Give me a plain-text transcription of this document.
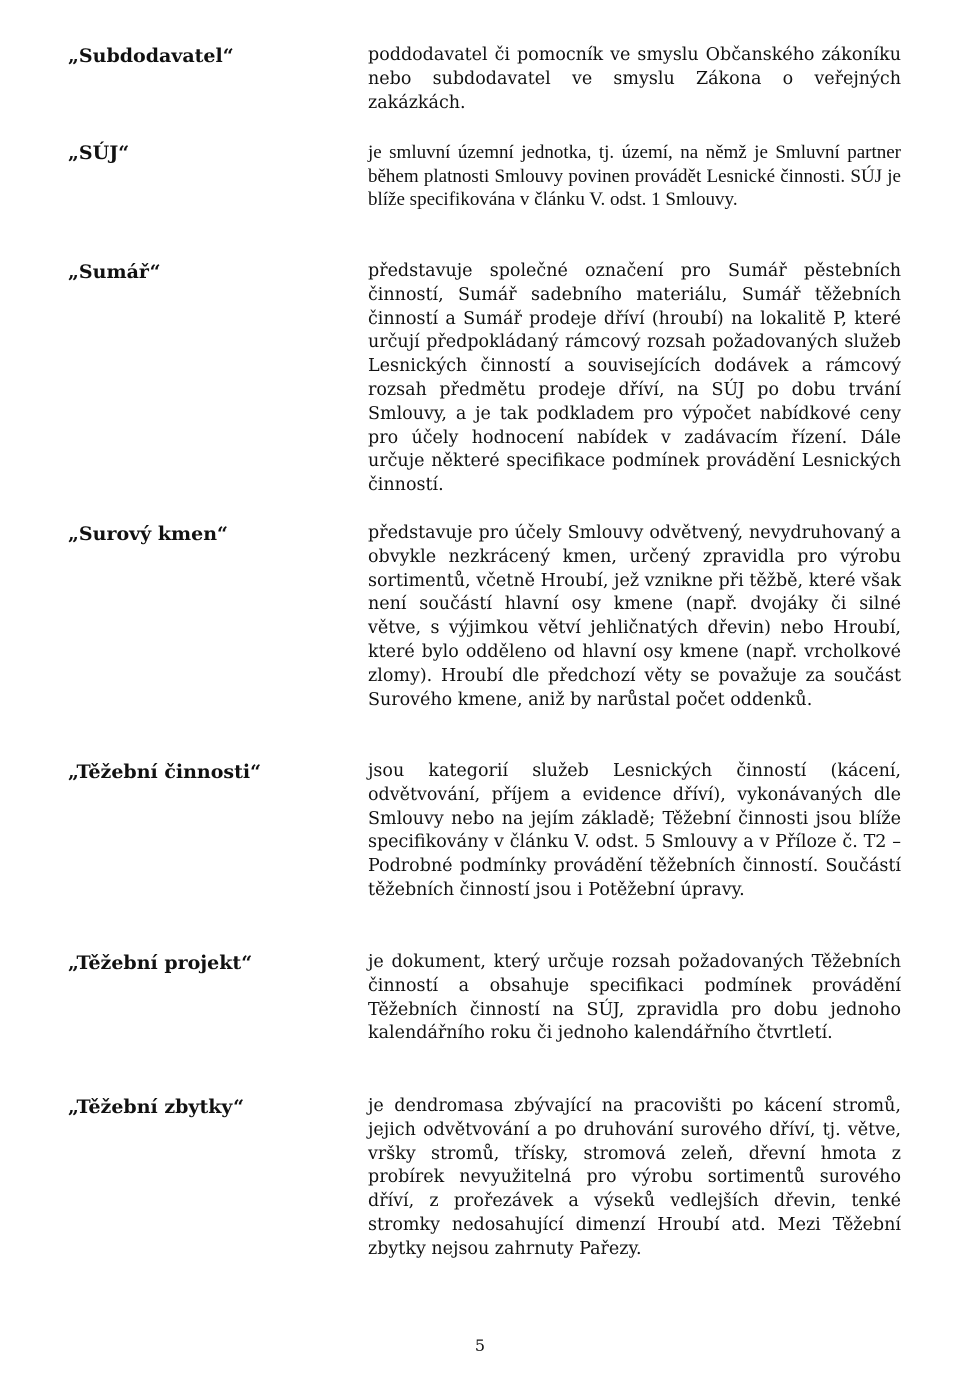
„Subdodavatel“	poddodavatel či pomocník ve smyslu Občanského zákoníku nebo subdodavatel ve smyslu Zákona o veřejných zakázkách.
„SÚJ“	je smluvní územní jednotka, tj. území, na němž je Smluvní partner během platnosti Smlouvy povinen provádět Lesnické činnosti. SÚJ je blíže specifikována v článku V. odst. 1 Smlouvy.
„Sumář“	představuje společné označení pro Sumář pěstebních činností, Sumář sadebního materiálu, Sumář těžebních činností a Sumář prodeje dříví (hroubí) na lokalitě P, které určují předpokládaný rámcový rozsah požadovaných služeb Lesnických činností a souvisejících dodávek a rámcový rozsah předmětu prodeje dříví, na SÚJ po dobu trvání Smlouvy, a je tak podkladem pro výpočet nabídkové ceny pro účely hodnocení nabídek v zadávacím řízení. Dále určuje některé specifikace podmínek provádění Lesnických činností.
„Surový kmen“	představuje pro účely Smlouvy odvětvený, nevydruhovaný a obvykle nezkrácený kmen, určený zpravidla pro výrobu sortimentů, včetně Hroubí, jež vznikne při těžbě, které však není součástí hlavní osy kmene (např. dvojáky či silné větve, s výjimkou větví jehličnatých dřevin) nebo Hroubí, které bylo odděleno od hlavní osy kmene (např. vrcholkové zlomy). Hroubí dle předchozí věty se považuje za součást Surového kmene, aniž by narůstal počet oddenků.
„Těžební činnosti“	jsou kategorií služeb Lesnických činností (kácení, odvětvování, příjem a evidence dříví), vykonávaných dle Smlouvy nebo na jejím základě; Těžební činnosti jsou blíže specifikovány v článku V. odst. 5 Smlouvy a v Příloze č. T2 – Podrobné podmínky provádění těžebních činností. Součástí těžebních činností jsou i Potěžební úpravy.
„Těžební projekt“	je dokument, který určuje rozsah požadovaných Těžebních činností a obsahuje specifikaci podmínek provádění Těžebních činností na SÚJ, zpravidla pro dobu jednoho kalendářního roku či jednoho kalendářního čtvrtletí.
„Těžební zbytky“	je dendromasa zbývající na pracovišti po kácení stromů, jejich odvětvování a po druhování surového dříví, tj. větve, vršky stromů, třísky, stromová zeleň, dřevní hmota z probírek nevyužitelná pro výrobu sortimentů surového dříví, z prořezávek a výseků vedlejších dřevin, tenké stromky nedosahující dimenzí Hroubí atd. Mezi Těžební zbytky nejsou zahrnuty Pařezy.
5
